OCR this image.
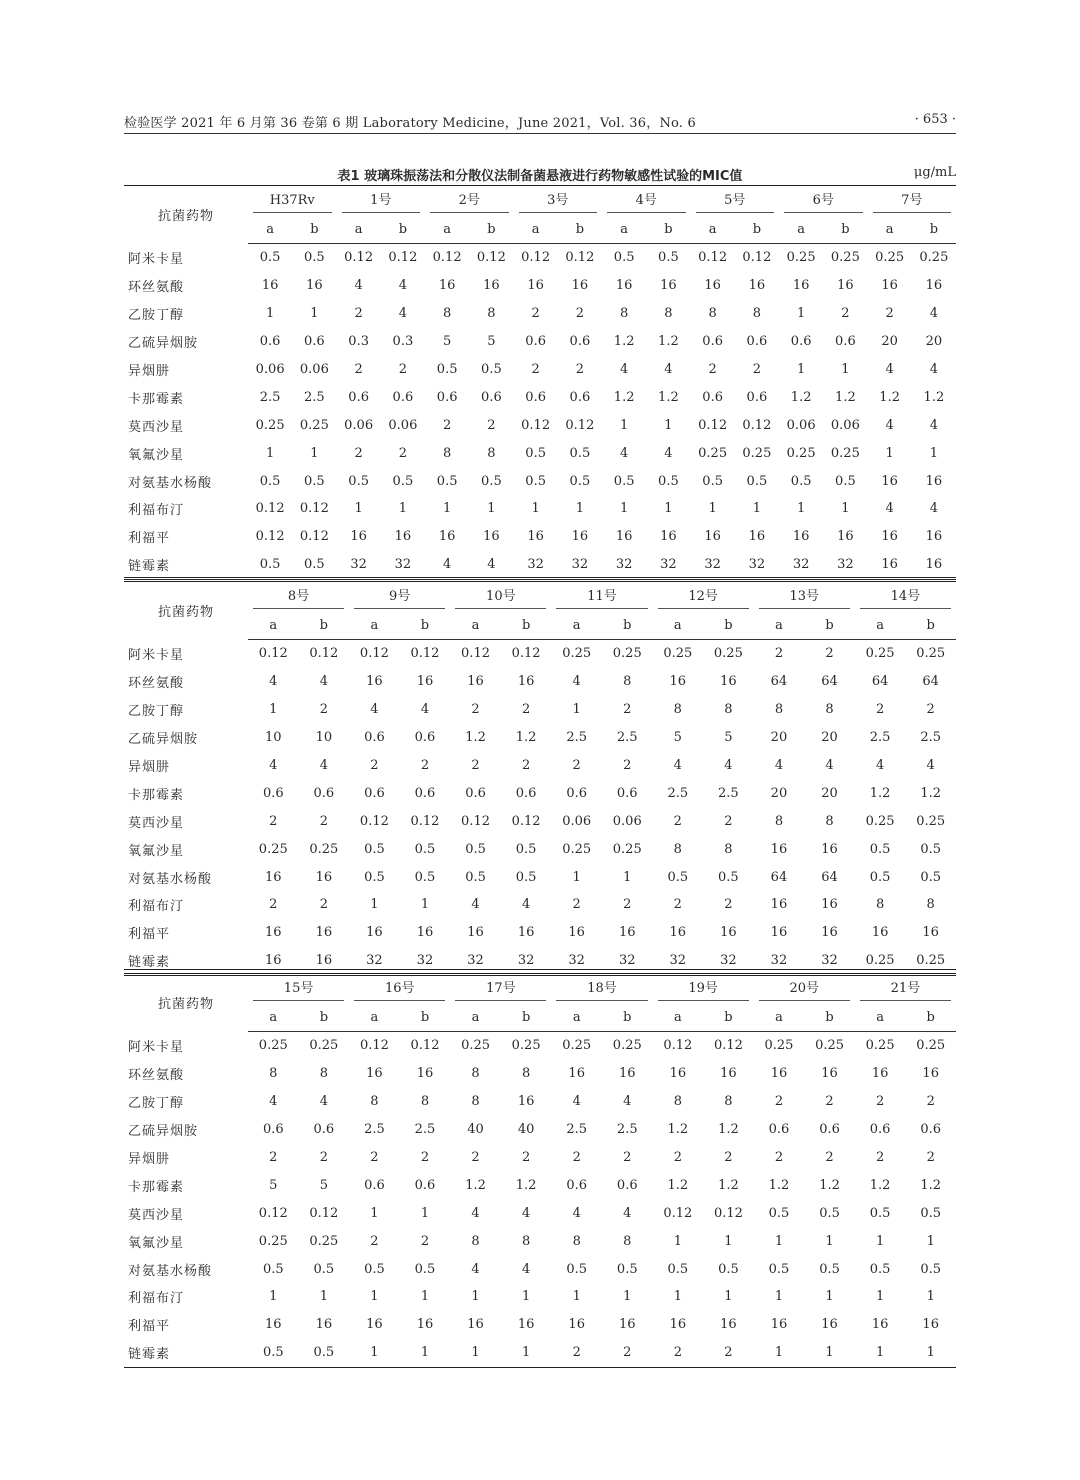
检验医学 2021 年 6 月第 36 卷第 6 期 Laboratory Medicine，June 2021，Vol. 36，No. 6	· 653 ·
表1 玻璃珠振荡法和分散仪法制备菌悬液进行药物敏感性试验的MIC值	μg/mL
抗菌药物	H37Rv		1号		2号		3号		4号		5号		6号		7号	

	a	b	a	b	a	b	a	b	a	b	a	b	a	b	a	b
阿米卡星	0.5	0.5	0.12	0.12	0.12	0.12	0.12	0.12	0.5	0.5	0.12	0.12	0.25	0.25	0.25	0.25
环丝氨酸	16	16	4	4	16	16	16	16	16	16	16	16	16	16	16	16
乙胺丁醇	1	1	2	4	8	8	2	2	8	8	8	8	1	2	2	4
乙硫异烟胺	0.6	0.6	0.3	0.3	5	5	0.6	0.6	1.2	1.2	0.6	0.6	0.6	0.6	20	20
异烟肼	0.06	0.06	2	2	0.5	0.5	2	2	4	4	2	2	1	1	4	4
卡那霉素	2.5	2.5	0.6	0.6	0.6	0.6	0.6	0.6	1.2	1.2	0.6	0.6	1.2	1.2	1.2	1.2
莫西沙星	0.25	0.25	0.06	0.06	2	2	0.12	0.12	1	1	0.12	0.12	0.06	0.06	4	4
氧氟沙星	1	1	2	2	8	8	0.5	0.5	4	4	0.25	0.25	0.25	0.25	1	1
对氨基水杨酸	0.5	0.5	0.5	0.5	0.5	0.5	0.5	0.5	0.5	0.5	0.5	0.5	0.5	0.5	16	16
利福布汀	0.12	0.12	1	1	1	1	1	1	1	1	1	1	1	1	4	4
利福平	0.12	0.12	16	16	16	16	16	16	16	16	16	16	16	16	16	16
链霉素	0.5	0.5	32	32	4	4	32	32	32	32	32	32	32	32	16	16
抗菌药物	8号		9号		10号		11号		12号		13号		14号	

	a	b	a	b	a	b	a	b	a	b	a	b	a	b
阿米卡星	0.12	0.12	0.12	0.12	0.12	0.12	0.25	0.25	0.25	0.25	2	2	0.25	0.25
环丝氨酸	4	4	16	16	16	16	4	8	16	16	64	64	64	64
乙胺丁醇	1	2	4	4	2	2	1	2	8	8	8	8	2	2
乙硫异烟胺	10	10	0.6	0.6	1.2	1.2	2.5	2.5	5	5	20	20	2.5	2.5
异烟肼	4	4	2	2	2	2	2	2	4	4	4	4	4	4
卡那霉素	0.6	0.6	0.6	0.6	0.6	0.6	0.6	0.6	2.5	2.5	20	20	1.2	1.2
莫西沙星	2	2	0.12	0.12	0.12	0.12	0.06	0.06	2	2	8	8	0.25	0.25
氧氟沙星	0.25	0.25	0.5	0.5	0.5	0.5	0.25	0.25	8	8	16	16	0.5	0.5
对氨基水杨酸	16	16	0.5	0.5	0.5	0.5	1	1	0.5	0.5	64	64	0.5	0.5
利福布汀	2	2	1	1	4	4	2	2	2	2	16	16	8	8
利福平	16	16	16	16	16	16	16	16	16	16	16	16	16	16
链霉素	16	16	32	32	32	32	32	32	32	32	32	32	0.25	0.25
抗菌药物	15号		16号		17号		18号		19号		20号		21号	

	a	b	a	b	a	b	a	b	a	b	a	b	a	b
阿米卡星	0.25	0.25	0.12	0.12	0.25	0.25	0.25	0.25	0.12	0.12	0.25	0.25	0.25	0.25
环丝氨酸	8	8	16	16	8	8	16	16	16	16	16	16	16	16
乙胺丁醇	4	4	8	8	8	16	4	4	8	8	2	2	2	2
乙硫异烟胺	0.6	0.6	2.5	2.5	40	40	2.5	2.5	1.2	1.2	0.6	0.6	0.6	0.6
异烟肼	2	2	2	2	2	2	2	2	2	2	2	2	2	2
卡那霉素	5	5	0.6	0.6	1.2	1.2	0.6	0.6	1.2	1.2	1.2	1.2	1.2	1.2
莫西沙星	0.12	0.12	1	1	4	4	4	4	0.12	0.12	0.5	0.5	0.5	0.5
氧氟沙星	0.25	0.25	2	2	8	8	8	8	1	1	1	1	1	1
对氨基水杨酸	0.5	0.5	0.5	0.5	4	4	0.5	0.5	0.5	0.5	0.5	0.5	0.5	0.5
利福布汀	1	1	1	1	1	1	1	1	1	1	1	1	1	1
利福平	16	16	16	16	16	16	16	16	16	16	16	16	16	16
链霉素	0.5	0.5	1	1	1	1	2	2	2	2	1	1	1	1
